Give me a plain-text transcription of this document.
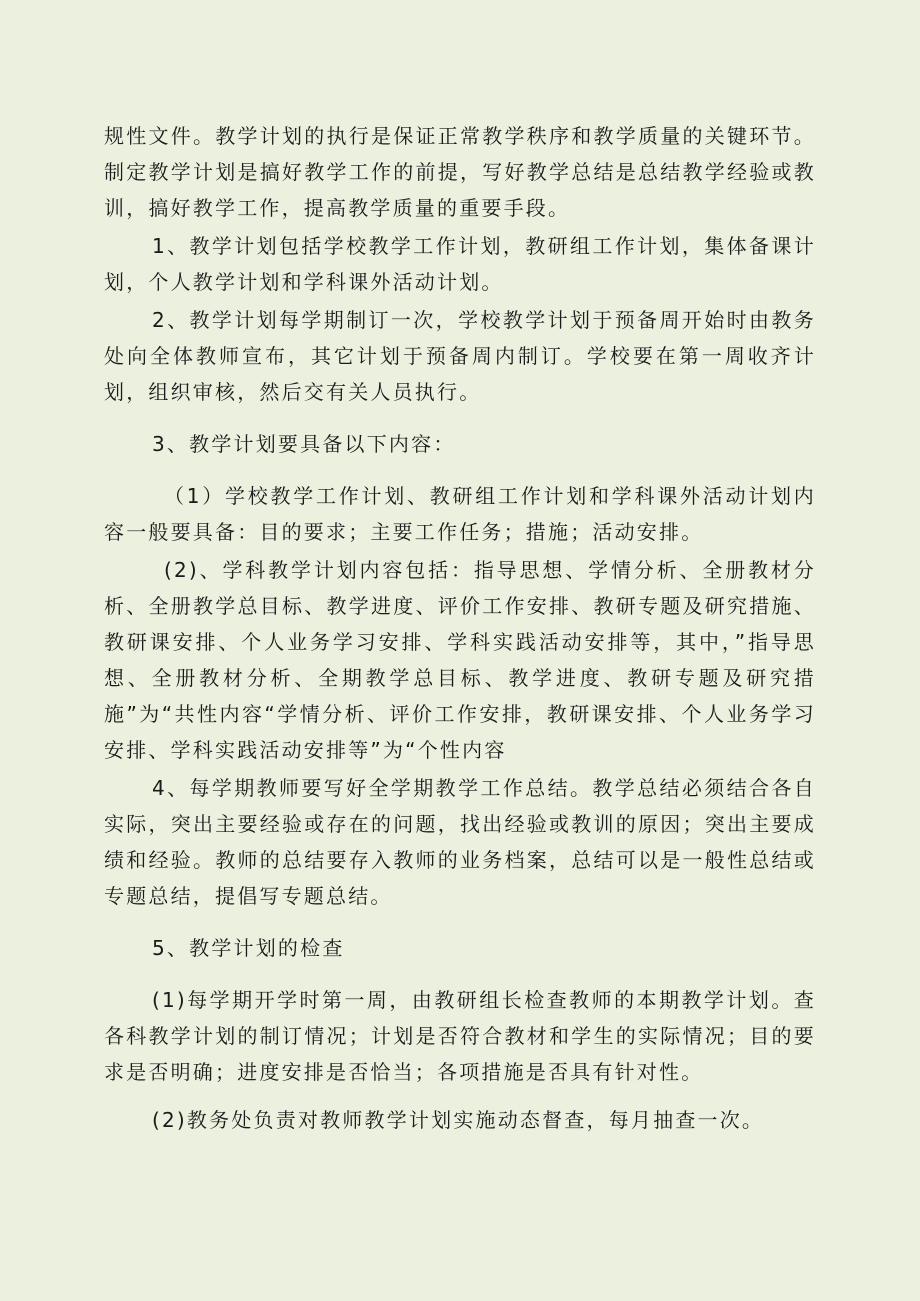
规性文件。教学计划的执行是保证正常教学秩序和教学质量的关键环节。制定教学计划是搞好教学工作的前提，写好教学总结是总结教学经验或教训，搞好教学工作，提高教学质量的重要手段。

1、教学计划包括学校教学工作计划，教研组工作计划，集体备课计划，个人教学计划和学科课外活动计划。

2、教学计划每学期制订一次，学校教学计划于预备周开始时由教务处向全体教师宣布，其它计划于预备周内制订。学校要在第一周收齐计划，组织审核，然后交有关人员执行。

3、教学计划要具备以下内容：

（1）学校教学工作计划、教研组工作计划和学科课外活动计划内容一般要具备：目的要求；主要工作任务；措施；活动安排。

(2)、学科教学计划内容包括：指导思想、学情分析、全册教材分析、全册教学总目标、教学进度、评价工作安排、教研专题及研究措施、教研课安排、个人业务学习安排、学科实践活动安排等，其中，”指导思想、全册教材分析、全期教学总目标、教学进度、教研专题及研究措施”为“共性内容“学情分析、评价工作安排，教研课安排、个人业务学习安排、学科实践活动安排等”为“个性内容

4、每学期教师要写好全学期教学工作总结。教学总结必须结合各自实际，突出主要经验或存在的问题，找出经验或教训的原因；突出主要成绩和经验。教师的总结要存入教师的业务档案，总结可以是一般性总结或专题总结，提倡写专题总结。

5、教学计划的检查

(1)每学期开学时第一周，由教研组长检查教师的本期教学计划。查各科教学计划的制订情况；计划是否符合教材和学生的实际情况；目的要求是否明确；进度安排是否恰当；各项措施是否具有针对性。

(2)教务处负责对教师教学计划实施动态督查，每月抽查一次。
